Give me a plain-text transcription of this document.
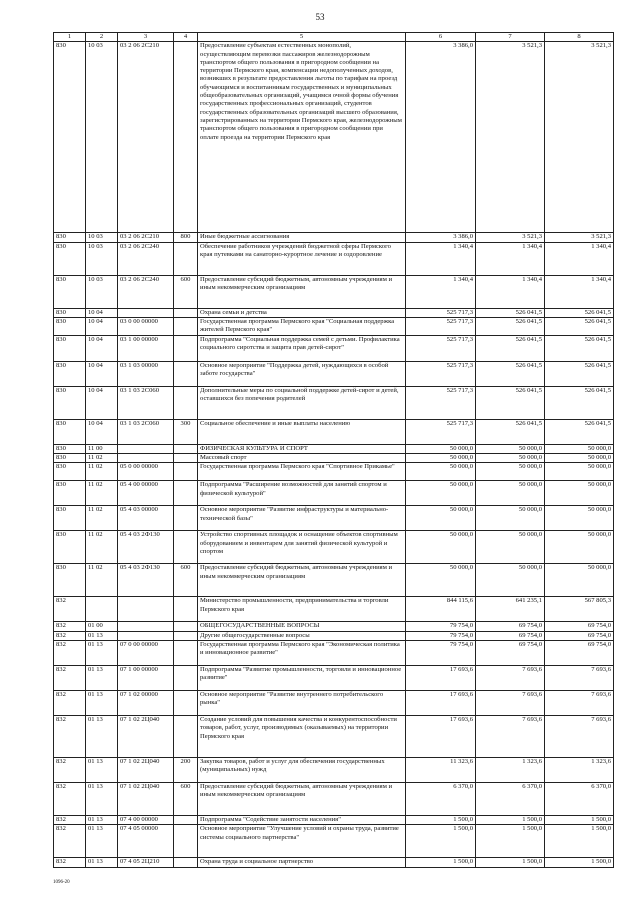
53
1	2	3	4	5	6	7	8
830	10 03	03 2 06 2С210		Предоставление субъектам естественных монополий, осуществляющим перевозки пассажиров железнодорожным транспортом общего пользования в пригородном сообщении на территории Пермского края, компенсации недополученных доходов, возникших в результате предоставления льготы по тарифам на проезд обучающимся и воспитанникам государственных и муниципальных общеобразовательных организаций, учащимся очной формы обучения государственных профессиональных организаций, студентов государственных образовательных организаций высшего образования, зарегистрированных на территории Пермского края, железнодорожным транспортом общего пользования в пригородном сообщении при оплате проезда на территории Пермского края	3 386,0	3 521,3	3 521,3
830	10 03	03 2 06 2С210	800	Иные бюджетные ассигнования	3 386,0	3 521,3	3 521,3
830	10 03	03 2 06 2С240		Обеспечение работников учреждений бюджетной сферы Пермского края путевками на санаторно-курортное лечение и оздоровление	1 340,4	1 340,4	1 340,4
830	10 03	03 2 06 2С240	600	Предоставление субсидий бюджетным, автономным учреждениям и иным некоммерческим организациям	1 340,4	1 340,4	1 340,4
830	10 04			Охрана семьи и детства	525 717,3	526 041,5	526 041,5
830	10 04	03 0 00 00000		Государственная программа Пермского края "Социальная поддержка жителей Пермского края"	525 717,3	526 041,5	526 041,5
830	10 04	03 1 00 00000		Подпрограмма "Социальная поддержка семей с детьми. Профилактика социального сиротства и защита прав детей-сирот"	525 717,3	526 041,5	526 041,5
830	10 04	03 1 03 00000		Основное мероприятие "Поддержка детей, нуждающихся в особой заботе государства"	525 717,3	526 041,5	526 041,5
830	10 04	03 1 03 2С060		Дополнительные меры по социальной поддержке детей-сирот и детей, оставшихся без попечения родителей	525 717,3	526 041,5	526 041,5
830	10 04	03 1 03 2С060	300	Социальное обеспечение и иные выплаты населению	525 717,3	526 041,5	526 041,5
830	11 00			ФИЗИЧЕСКАЯ КУЛЬТУРА И СПОРТ	50 000,0	50 000,0	50 000,0
830	11 02			Массовый спорт	50 000,0	50 000,0	50 000,0
830	11 02	05 0 00 00000		Государственная программа Пермского края "Спортивное Прикамье"	50 000,0	50 000,0	50 000,0
830	11 02	05 4 00 00000		Подпрограмма "Расширение возможностей для занятий спортом и физической культурой"	50 000,0	50 000,0	50 000,0
830	11 02	05 4 03 00000		Основное мероприятие "Развитие инфраструктуры и материально-технической базы"	50 000,0	50 000,0	50 000,0
830	11 02	05 4 03 2Ф130		Устройство спортивных площадок и оснащение объектов спортивным оборудованием и инвентарем для занятий физической культурой и спортом	50 000,0	50 000,0	50 000,0
830	11 02	05 4 03 2Ф130	600	Предоставление субсидий бюджетным, автономным учреждениям и иным некоммерческим организациям	50 000,0	50 000,0	50 000,0
832				Министерство промышленности, предпринимательства и торговли Пермского края	844 115,6	641 235,1	567 805,3
832	01 00			ОБЩЕГОСУДАРСТВЕННЫЕ ВОПРОСЫ	79 754,0	69 754,0	69 754,0
832	01 13			Другие общегосударственные вопросы	79 754,0	69 754,0	69 754,0
832	01 13	07 0 00 00000		Государственная программа Пермского края "Экономическая политика и инновационное развитие"	79 754,0	69 754,0	69 754,0
832	01 13	07 1 00 00000		Подпрограмма "Развитие промышленности, торговли и инновационное развитие"	17 693,6	7 693,6	7 693,6
832	01 13	07 1 02 00000		Основное мероприятие "Развитие внутреннего потребительского рынка"	17 693,6	7 693,6	7 693,6
832	01 13	07 1 02 2Ц040		Создание условий для повышения качества и конкурентоспособности товаров, работ, услуг, производимых (оказываемых) на территории Пермского края	17 693,6	7 693,6	7 693,6
832	01 13	07 1 02 2Ц040	200	Закупка товаров, работ и услуг для обеспечения государственных (муниципальных) нужд	11 323,6	1 323,6	1 323,6
832	01 13	07 1 02 2Ц040	600	Предоставление субсидий бюджетным, автономным учреждениям и иным некоммерческим организациям	6 370,0	6 370,0	6 370,0
832	01 13	07 4 00 00000		Подпрограмма "Содействие занятости населения"	1 500,0	1 500,0	1 500,0
832	01 13	07 4 05 00000		Основное мероприятие "Улучшение условий и охраны труда, развитие системы социального партнерства"	1 500,0	1 500,0	1 500,0
832	01 13	07 4 05 2Ц210		Охрана труда и социальное партнерство	1 500,0	1 500,0	1 500,0
1096-20
